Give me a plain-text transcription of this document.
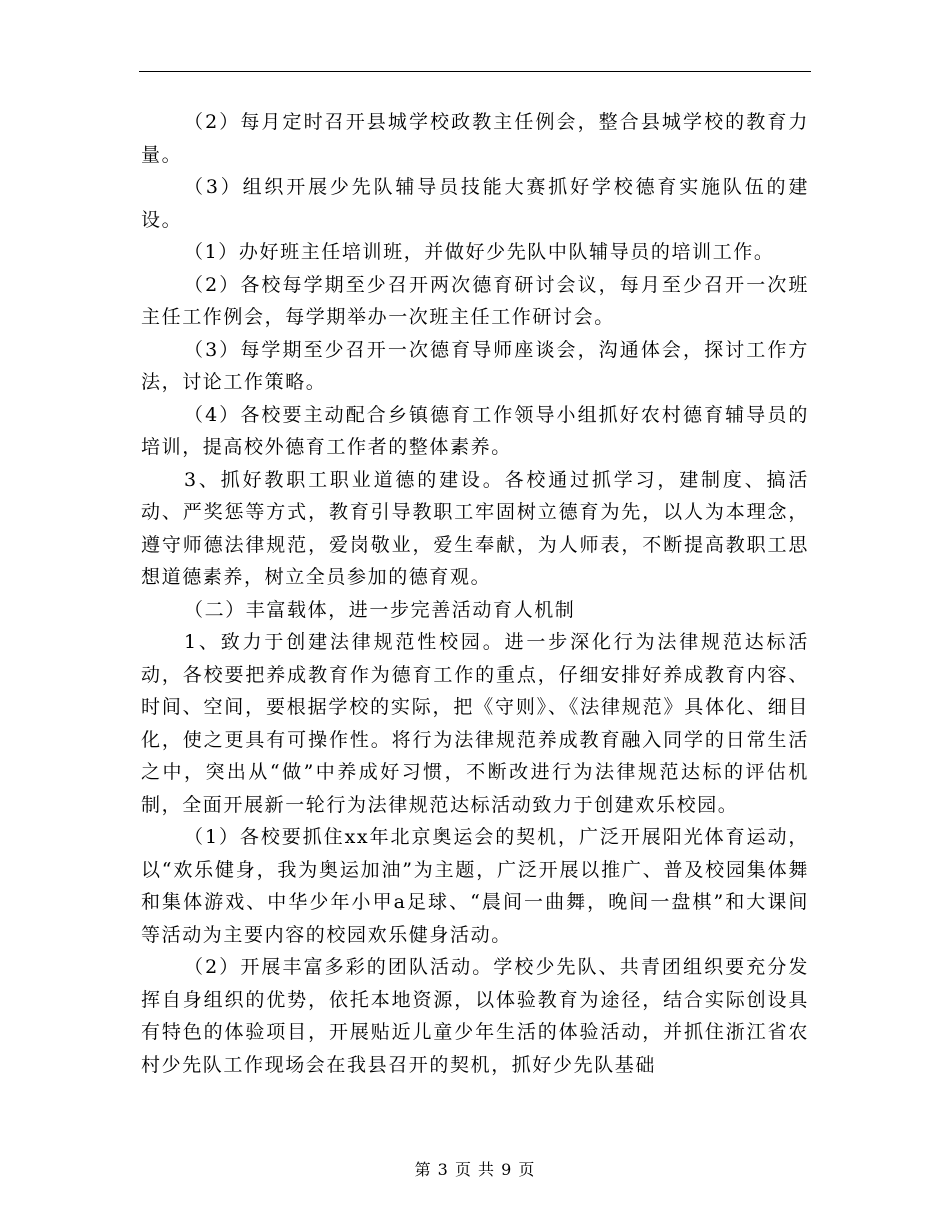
（2）每月定时召开县城学校政教主任例会，整合县城学校的教育力量。

（3）组织开展少先队辅导员技能大赛抓好学校德育实施队伍的建设。

（1）办好班主任培训班，并做好少先队中队辅导员的培训工作。

（2）各校每学期至少召开两次德育研讨会议，每月至少召开一次班主任工作例会，每学期举办一次班主任工作研讨会。

（3）每学期至少召开一次德育导师座谈会，沟通体会，探讨工作方法，讨论工作策略。

（4）各校要主动配合乡镇德育工作领导小组抓好农村德育辅导员的培训，提高校外德育工作者的整体素养。

3、抓好教职工职业道德的建设。各校通过抓学习，建制度、搞活动、严奖惩等方式，教育引导教职工牢固树立德育为先，以人为本理念，遵守师德法律规范，爱岗敬业，爱生奉献，为人师表，不断提高教职工思想道德素养，树立全员参加的德育观。

（二）丰富载体，进一步完善活动育人机制

1、致力于创建法律规范性校园。进一步深化行为法律规范达标活动，各校要把养成教育作为德育工作的重点，仔细安排好养成教育内容、时间、空间，要根据学校的实际，把《守则》、《法律规范》具体化、细目化，使之更具有可操作性。将行为法律规范养成教育融入同学的日常生活之中，突出从“做”中养成好习惯，不断改进行为法律规范达标的评估机制，全面开展新一轮行为法律规范达标活动致力于创建欢乐校园。

（1）各校要抓住xx年北京奥运会的契机，广泛开展阳光体育运动，以“欢乐健身，我为奥运加油”为主题，广泛开展以推广、普及校园集体舞和集体游戏、中华少年小甲a足球、“晨间一曲舞，晚间一盘棋”和大课间等活动为主要内容的校园欢乐健身活动。

（2）开展丰富多彩的团队活动。学校少先队、共青团组织要充分发挥自身组织的优势，依托本地资源，以体验教育为途径，结合实际创设具有特色的体验项目，开展贴近儿童少年生活的体验活动，并抓住浙江省农村少先队工作现场会在我县召开的契机，抓好少先队基础

第 3 页 共 9 页
